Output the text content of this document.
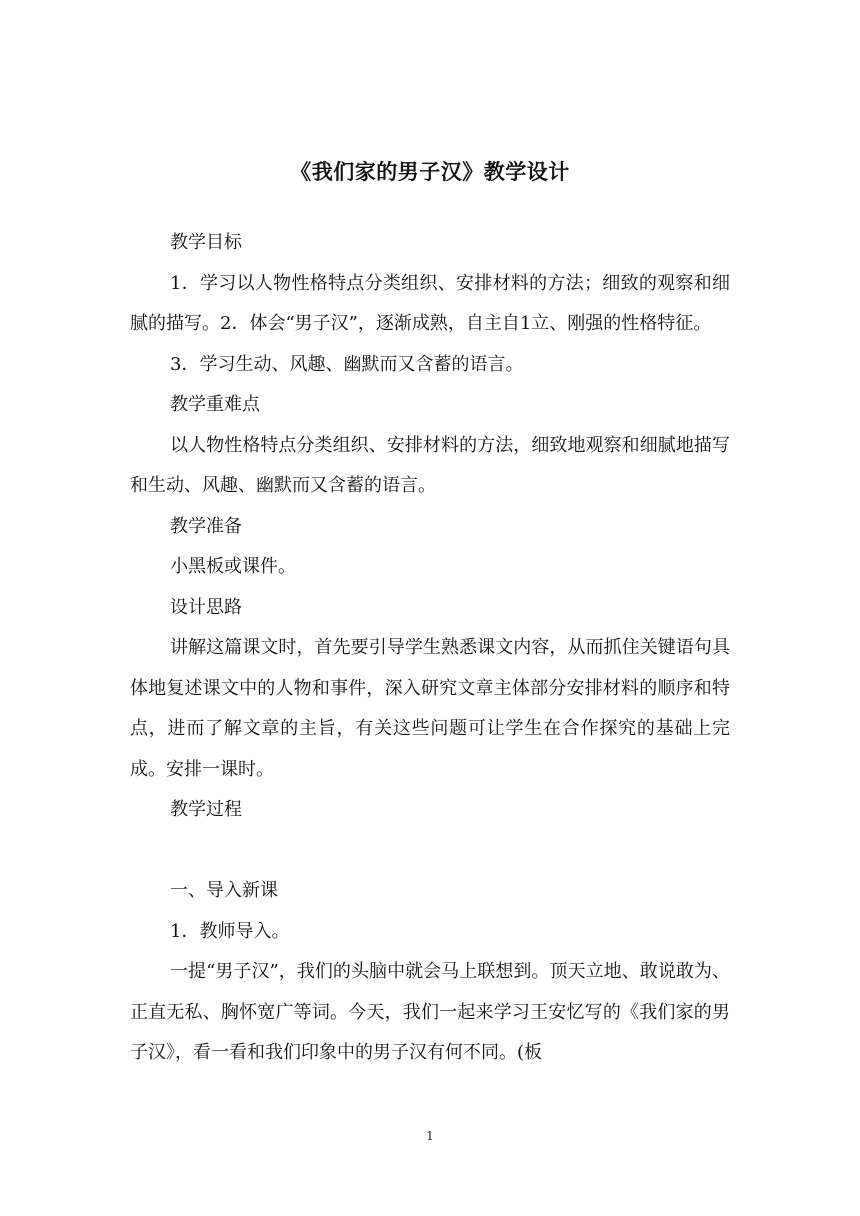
《我们家的男子汉》教学设计

教学目标

1．学习以人物性格特点分类组织、安排材料的方法；细致的观察和细腻的描写。2．体会“男子汉”，逐渐成熟，自主自1立、刚强的性格特征。

3．学习生动、风趣、幽默而又含蓄的语言。

教学重难点

以人物性格特点分类组织、安排材料的方法，细致地观察和细腻地描写和生动、风趣、幽默而又含蓄的语言。

教学准备

小黑板或课件。

设计思路

讲解这篇课文时，首先要引导学生熟悉课文内容，从而抓住关键语句具体地复述课文中的人物和事件，深入研究文章主体部分安排材料的顺序和特点，进而了解文章的主旨，有关这些问题可让学生在合作探究的基础上完成。安排一课时。

教学过程

一、导入新课

1．教师导入。

一提“男子汉”，我们的头脑中就会马上联想到。顶天立地、敢说敢为、正直无私、胸怀宽广等词。今天，我们一起来学习王安忆写的《我们家的男子汉》，看一看和我们印象中的男子汉有何不同。(板

1
